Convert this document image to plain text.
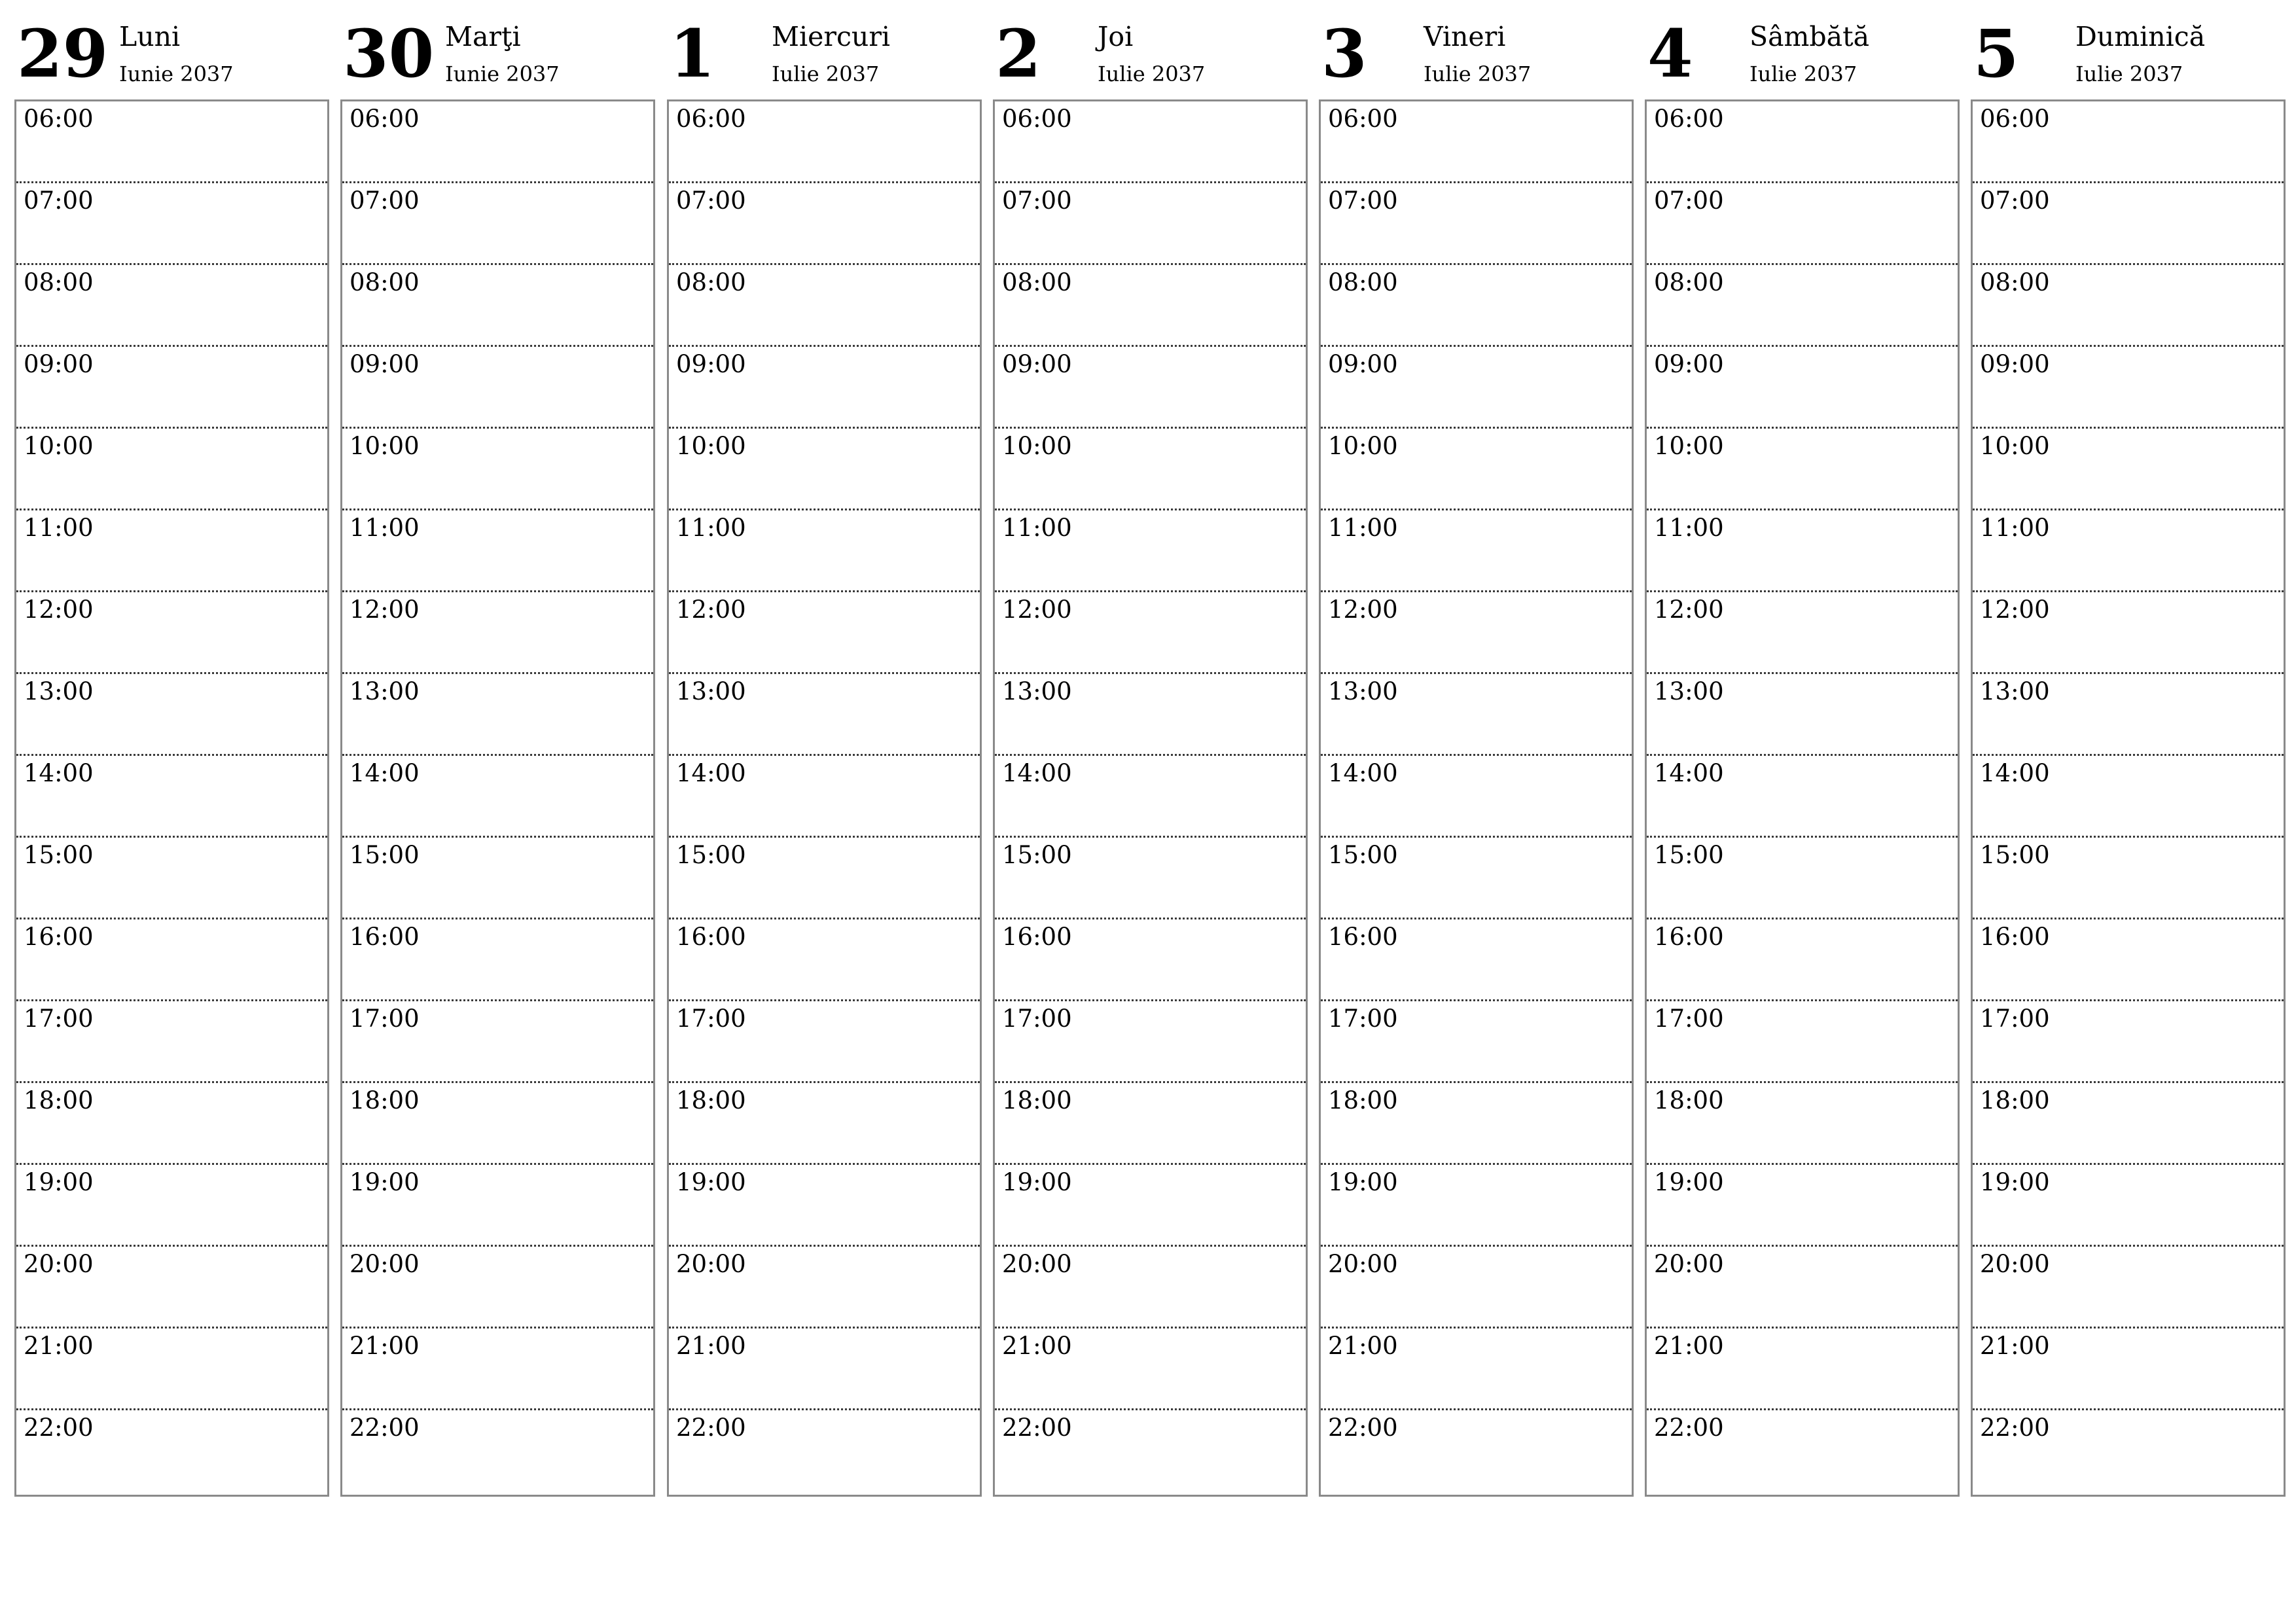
29 Luni
Iunie 2037
06:00
07:00
08:00
09:00
10:00
11:00
12:00
13:00
14:00
15:00
16:00
17:00
18:00
19:00
20:00
21:00
22:00
30 Marţi
Iunie 2037
06:00
07:00
08:00
09:00
10:00
11:00
12:00
13:00
14:00
15:00
16:00
17:00
18:00
19:00
20:00
21:00
22:00
1 Miercuri
Iulie 2037
06:00
07:00
08:00
09:00
10:00
11:00
12:00
13:00
14:00
15:00
16:00
17:00
18:00
19:00
20:00
21:00
22:00
2 Joi
Iulie 2037
06:00
07:00
08:00
09:00
10:00
11:00
12:00
13:00
14:00
15:00
16:00
17:00
18:00
19:00
20:00
21:00
22:00
3 Vineri
Iulie 2037
06:00
07:00
08:00
09:00
10:00
11:00
12:00
13:00
14:00
15:00
16:00
17:00
18:00
19:00
20:00
21:00
22:00
4 Sâmbătă
Iulie 2037
06:00
07:00
08:00
09:00
10:00
11:00
12:00
13:00
14:00
15:00
16:00
17:00
18:00
19:00
20:00
21:00
22:00
5 Duminică
Iulie 2037
06:00
07:00
08:00
09:00
10:00
11:00
12:00
13:00
14:00
15:00
16:00
17:00
18:00
19:00
20:00
21:00
22:00
